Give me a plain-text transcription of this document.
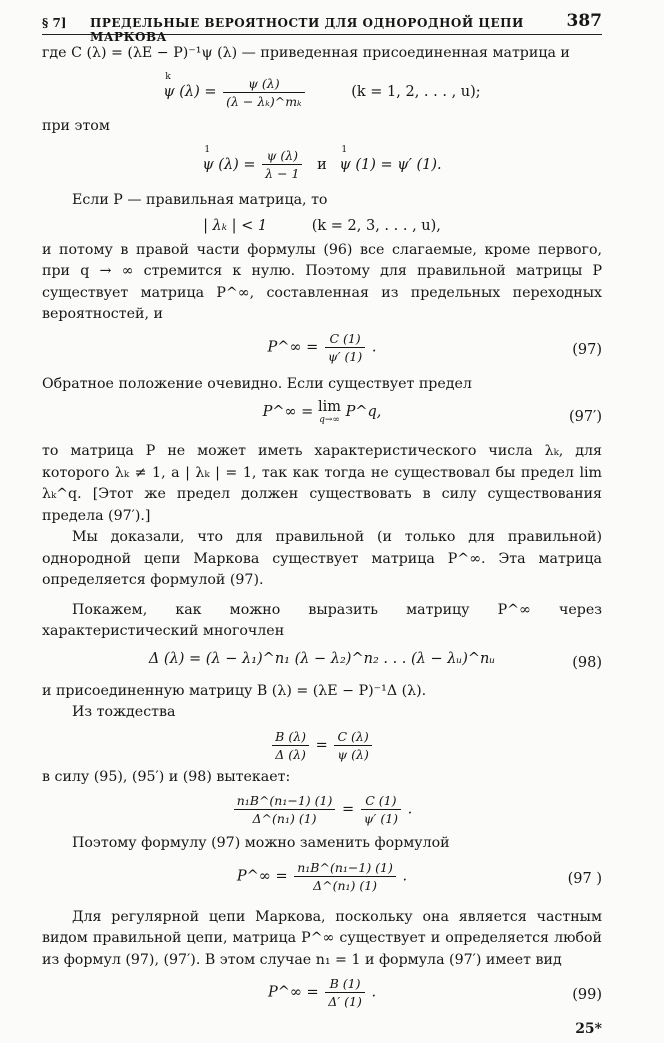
§ 7] ПРЕДЕЛЬНЫЕ ВЕРОЯТНОСТИ ДЛЯ ОДНОРОДНОЙ ЦЕПИ МАРКОВА
387

где C (λ) = (λE − P)⁻¹ψ (λ) — приведенная присоединенная матрица и

k
ψ $(\lambda) = \frac{\psi (\lambda)}{\text{(λ − λₖ)\textasciicircum{}mₖ}}$	(k = 1, 2, . . . , u);

при этом

1
ψ $(\lambda) = \frac{\psi (\lambda)}{\lambda - 1}$ и
1
ψ (1) = ψ′ (1).

Если P — правильная матрица, то

| λₖ | < 1	(k = 2, 3, . . . , u),

и потому в правой части формулы (96) все слагаемые, кроме первого, при q → ∞ стремится к нулю. Поэтому для правильной матрицы P существует матрица P^∞, составленная из предельных переходных вероятностей, и

P^∞ = $\frac{C (1)}{\psi' (1)}$ .	(97)

Обратное положение очевидно. Если существует предел

P^∞ = lim
q→∞ P^q,	(97′)

то матрица P не может иметь характеристического числа λₖ, для которого λₖ ≠ 1, а | λₖ | = 1, так как тогда не существовал бы предел lim λₖ^q. [Этот же предел должен существовать в силу существования предела (97′).]

Мы доказали, что для правильной (и только для правильной) однородной цепи Маркова существует матрица P^∞. Эта матрица определяется формулой (97).

Покажем, как можно выразить матрицу P^∞ через характеристический многочлен

Δ (λ) = (λ − λ₁)^n₁ (λ − λ₂)^n₂ . . . (λ − λᵤ)^nᵤ	(98)

и присоединенную матрицу B (λ) = (λE − P)⁻¹Δ (λ).

Из тождества

$\frac{B (\lambda)}{\Delta (\lambda)} = \frac{C (\lambda)}{\psi (\lambda)}$

в силу (95), (95′) и (98) вытекает:

$\frac{\text{n₁B\textasciicircum{}(n₁−1) (1)}}{\text{Δ\textasciicircum{}(n₁) (1)}} = \frac{C (1)}{\psi' (1)}$ .

Поэтому формулу (97) можно заменить формулой

P^∞ = $\frac{\text{n₁B\textasciicircum{}(n₁−1) (1)}}{\text{Δ\textasciicircum{}(n₁) (1)}}$ .	(97 )

Для регулярной цепи Маркова, поскольку она является частным видом правильной цепи, матрица P^∞ существует и определяется любой из формул (97), (97′). В этом случае n₁ = 1 и формула (97′) имеет вид

P^∞ = $\frac{B (1)}{\Delta' (1)}$ .	(99)
25*
